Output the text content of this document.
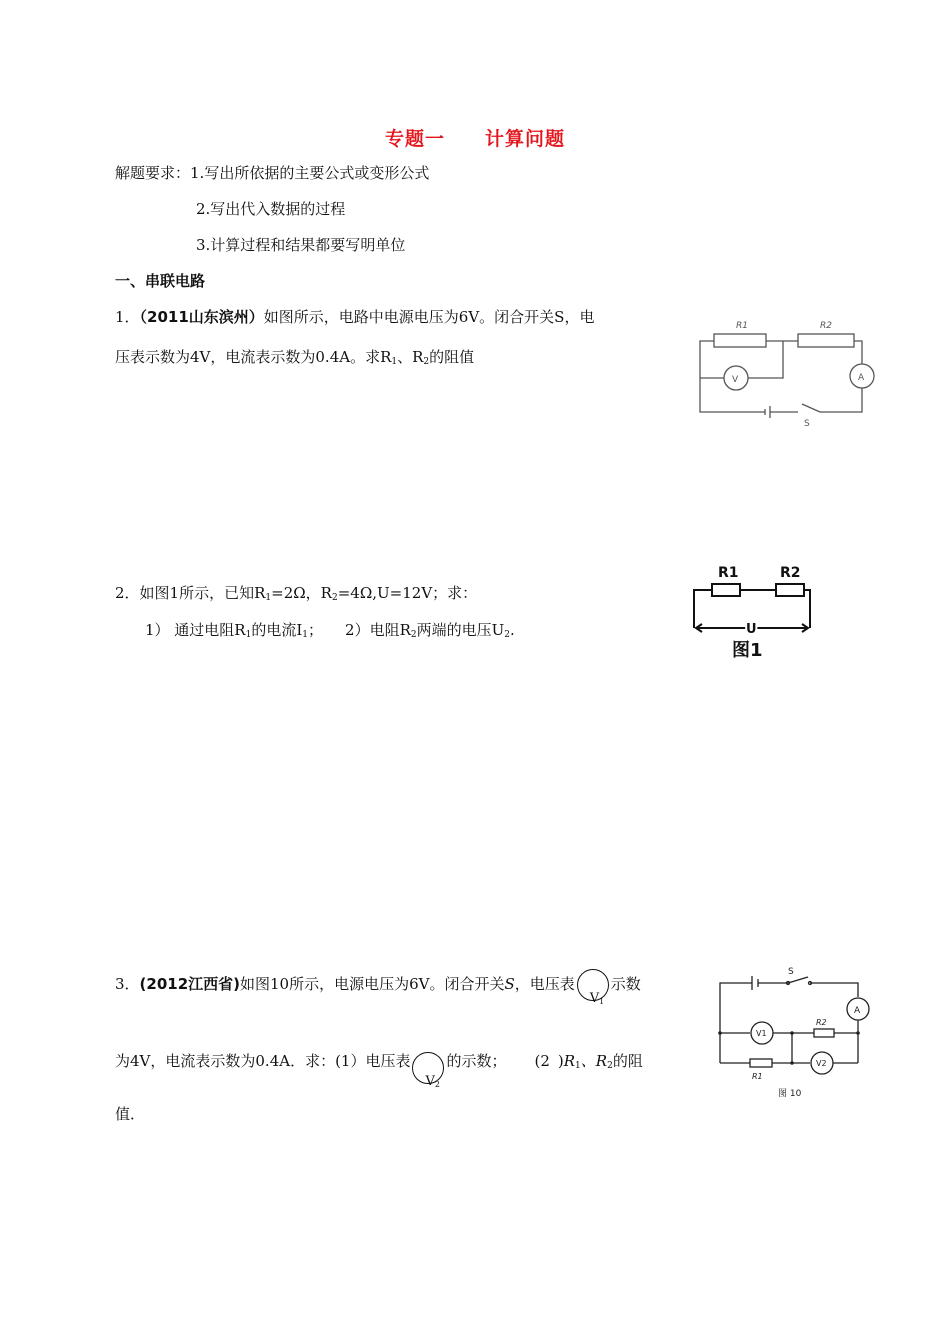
专题一 计算问题
解题要求：1.写出所依据的主要公式或变形公式
2.写出代入数据的过程
3.计算过程和结果都要写明单位
一、串联电路
1．（2011山东滨州）如图所示，电路中电源电压为6V。闭合开关S，电
压表示数为4V，电流表示数为0.4A。求$R_1$、$R_2$的阻值
R1	R2
V	A
S
2．如图1所示，已知$R_1=2\Omega$，$R_2=4\Omega,U=12V$；求：
1） 通过电阻$R_1$的电流$I_1$； 2）电阻$R_2$两端的电压$U_2$.
R1	R2
U
图1
3．(2012江西省)如图10所示，电源电压为6V。闭合开关S，电压表
$V_1$
示数
为4V，电流表示数为0.4A．求：(1）电压表
$V_2$
的示数； (2 )$R_1$、$R_2$的阻
值．
S
A
V1
V2
R2
R1
图 10
